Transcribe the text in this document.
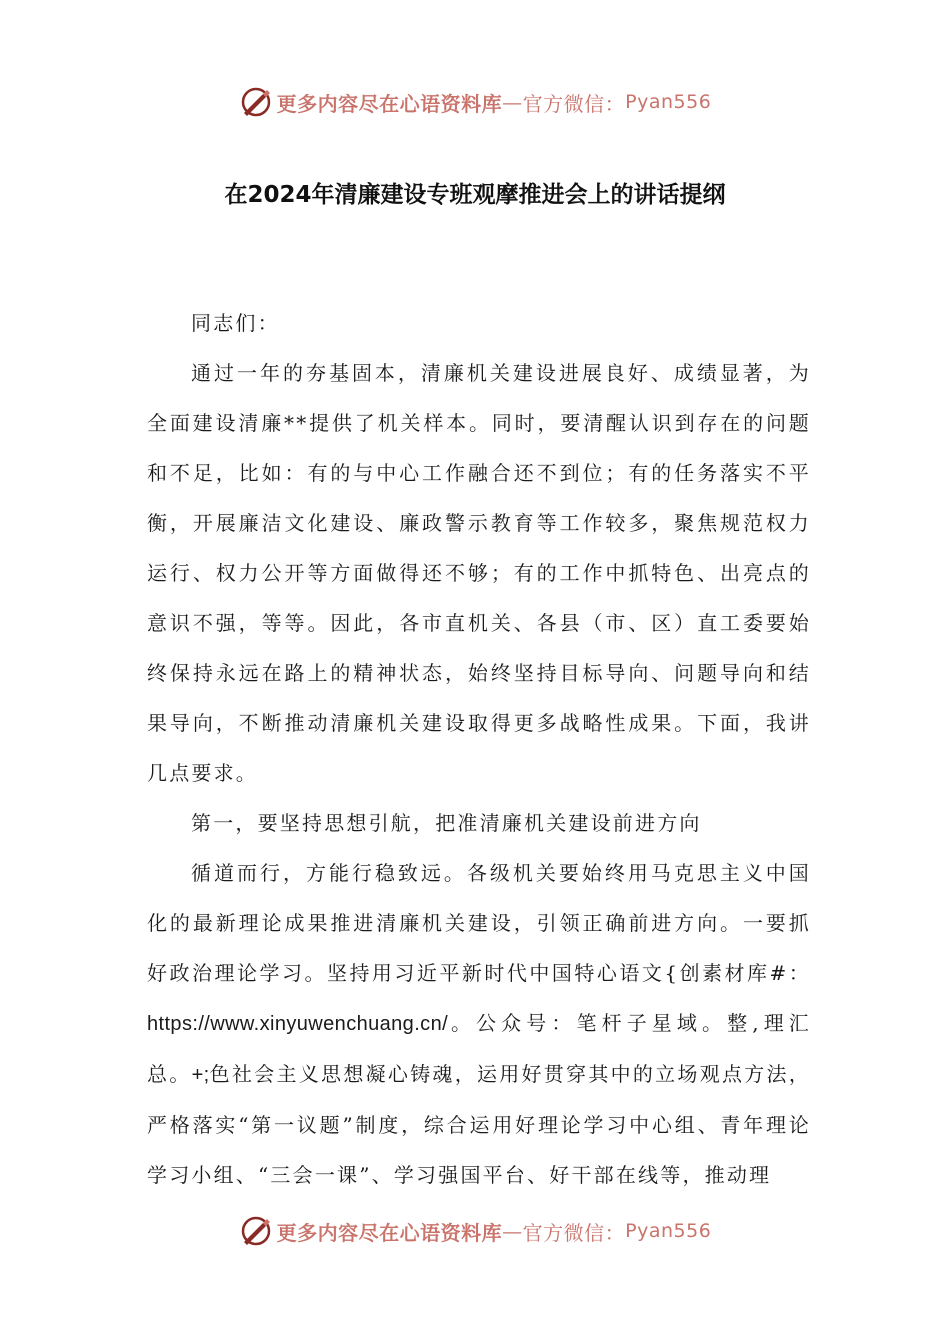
更多内容尽在心语资料库 — 官方微信： Pyan556
在2024年清廉建设专班观摩推进会上的讲话提纲

同志们：

通过一年的夯基固本，清廉机关建设进展良好、成绩显著，为全面建设清廉**提供了机关样本。同时，要清醒认识到存在的问题和不足，比如：有的与中心工作融合还不到位；有的任务落实不平衡，开展廉洁文化建设、廉政警示教育等工作较多，聚焦规范权力运行、权力公开等方面做得还不够；有的工作中抓特色、出亮点的意识不强，等等。因此，各市直机关、各县（市、区）直工委要始终保持永远在路上的精神状态，始终坚持目标导向、问题导向和结果导向，不断推动清廉机关建设取得更多战略性成果。下面，我讲几点要求。

第一，要坚持思想引航，把准清廉机关建设前进方向

循道而行，方能行稳致远。各级机关要始终用马克思主义中国化的最新理论成果推进清廉机关建设，引领正确前进方向。一要抓好政治理论学习。坚持用习近平新时代中国特心语文{创素材库#：https://www.xinyuwenchuang.cn/。公众号：笔杆子星域。整,理汇总。+;色社会主义思想凝心铸魂，运用好贯穿其中的立场观点方法，严格落实“第一议题”制度，综合运用好理论学习中心组、青年理论学习小组、“三会一课”、学习强国平台、好干部在线等，推动理

更多内容尽在心语资料库 — 官方微信： Pyan556
